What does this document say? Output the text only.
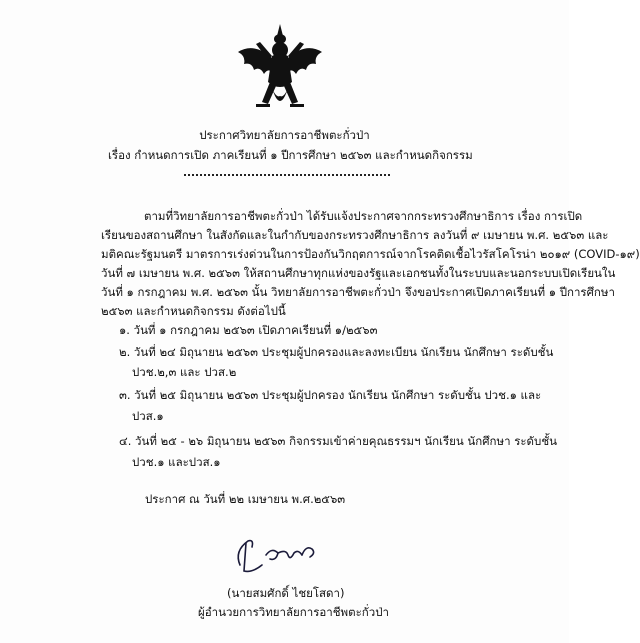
ประกาศวิทยาลัยการอาชีพตะกั่วป่า
เรื่อง กำหนดการเปิด ภาคเรียนที่ ๑ ปีการศึกษา ๒๕๖๓ และกำหนดกิจกรรม
ตามที่วิทยาลัยการอาชีพตะกั่วป่า ได้รับแจ้งประกาศจากกระทรวงศึกษาธิการ เรื่อง การเปิด
เรียนของสถานศึกษา ในสังกัดและในกำกับของกระทรวงศึกษาธิการ ลงวันที่ ๙ เมษายน พ.ศ. ๒๕๖๓ และ
มติคณะรัฐมนตรี มาตรการเร่งด่วนในการป้องกันวิกฤตการณ์จากโรคติดเชื้อไวรัสโคโรน่า ๒๐๑๙ (COVID-๑๙)
วันที่ ๗ เมษายน พ.ศ. ๒๕๖๓ ให้สถานศึกษาทุกแห่งของรัฐและเอกชนทั้งในระบบและนอกระบบเปิดเรียนใน
วันที่ ๑ กรกฎาคม พ.ศ. ๒๕๖๓ นั้น วิทยาลัยการอาชีพตะกั่วป่า จึงขอประกาศเปิดภาคเรียนที่ ๑ ปีการศึกษา
๒๕๖๓ และกำหนดกิจกรรม ดังต่อไปนี้
๑. วันที่ ๑ กรกฎาคม ๒๕๖๓ เปิดภาคเรียนที่ ๑/๒๕๖๓
๒. วันที่ ๒๔ มิถุนายน ๒๕๖๓ ประชุมผู้ปกครองและลงทะเบียน นักเรียน นักศึกษา ระดับชั้น
ปวช.๒,๓ และ ปวส.๒
๓. วันที่ ๒๕ มิถุนายน ๒๕๖๓ ประชุมผู้ปกครอง นักเรียน นักศึกษา ระดับชั้น ปวช.๑ และ
ปวส.๑
๔. วันที่ ๒๕ - ๒๖ มิถุนายน ๒๕๖๓ กิจกรรมเข้าค่ายคุณธรรมฯ นักเรียน นักศึกษา ระดับชั้น
ปวช.๑ และปวส.๑
ประกาศ ณ วันที่ ๒๒ เมษายน พ.ศ.๒๕๖๓
(นายสมศักดิ์ ไชยโสดา)
ผู้อำนวยการวิทยาลัยการอาชีพตะกั่วป่า
